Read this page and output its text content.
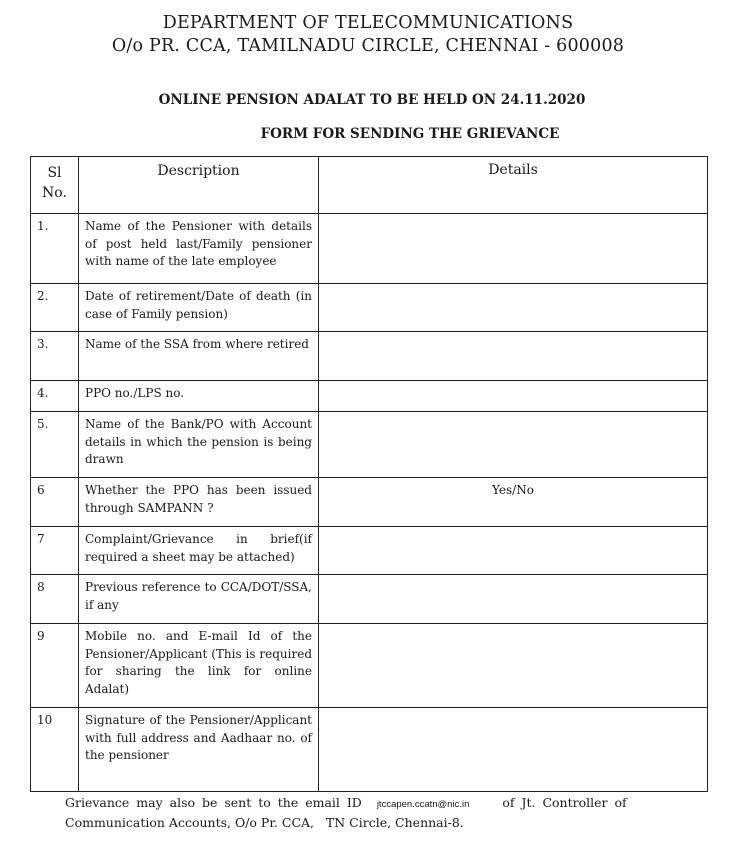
DEPARTMENT OF TELECOMMUNICATIONS
O/o PR. CCA, TAMILNADU CIRCLE, CHENNAI - 600008
ONLINE PENSION ADALAT TO BE HELD ON 24.11.2020
FORM FOR SENDING THE GRIEVANCE
Sl
No.	Description	Details
1.	Name of the Pensioner with details of post held last/Family pensioner with name of the late employee	
2.	Date of retirement/Date of death (in case of Family pension)	
3.	Name of the SSA from where retired	
4.	PPO no./LPS no.	
5.	Name of the Bank/PO with Account details in which the pension is being drawn	
6	Whether the PPO has been issued through SAMPANN ?	Yes/No
7	Complaint/Grievance in brief(if required a sheet may be attached)	
8	Previous reference to CCA/DOT/SSA, if any	
9	Mobile no. and E-mail Id of the Pensioner/Applicant (This is required for sharing the link for online Adalat)	
10	Signature of the Pensioner/Applicant with full address and Aadhaar no. of the pensioner	
Grievance may also be sent to the email ID jtccapen.ccatn@nic.in	of Jt. Controller of
Communication Accounts, O/o Pr. CCA,   TN Circle, Chennai-8.
